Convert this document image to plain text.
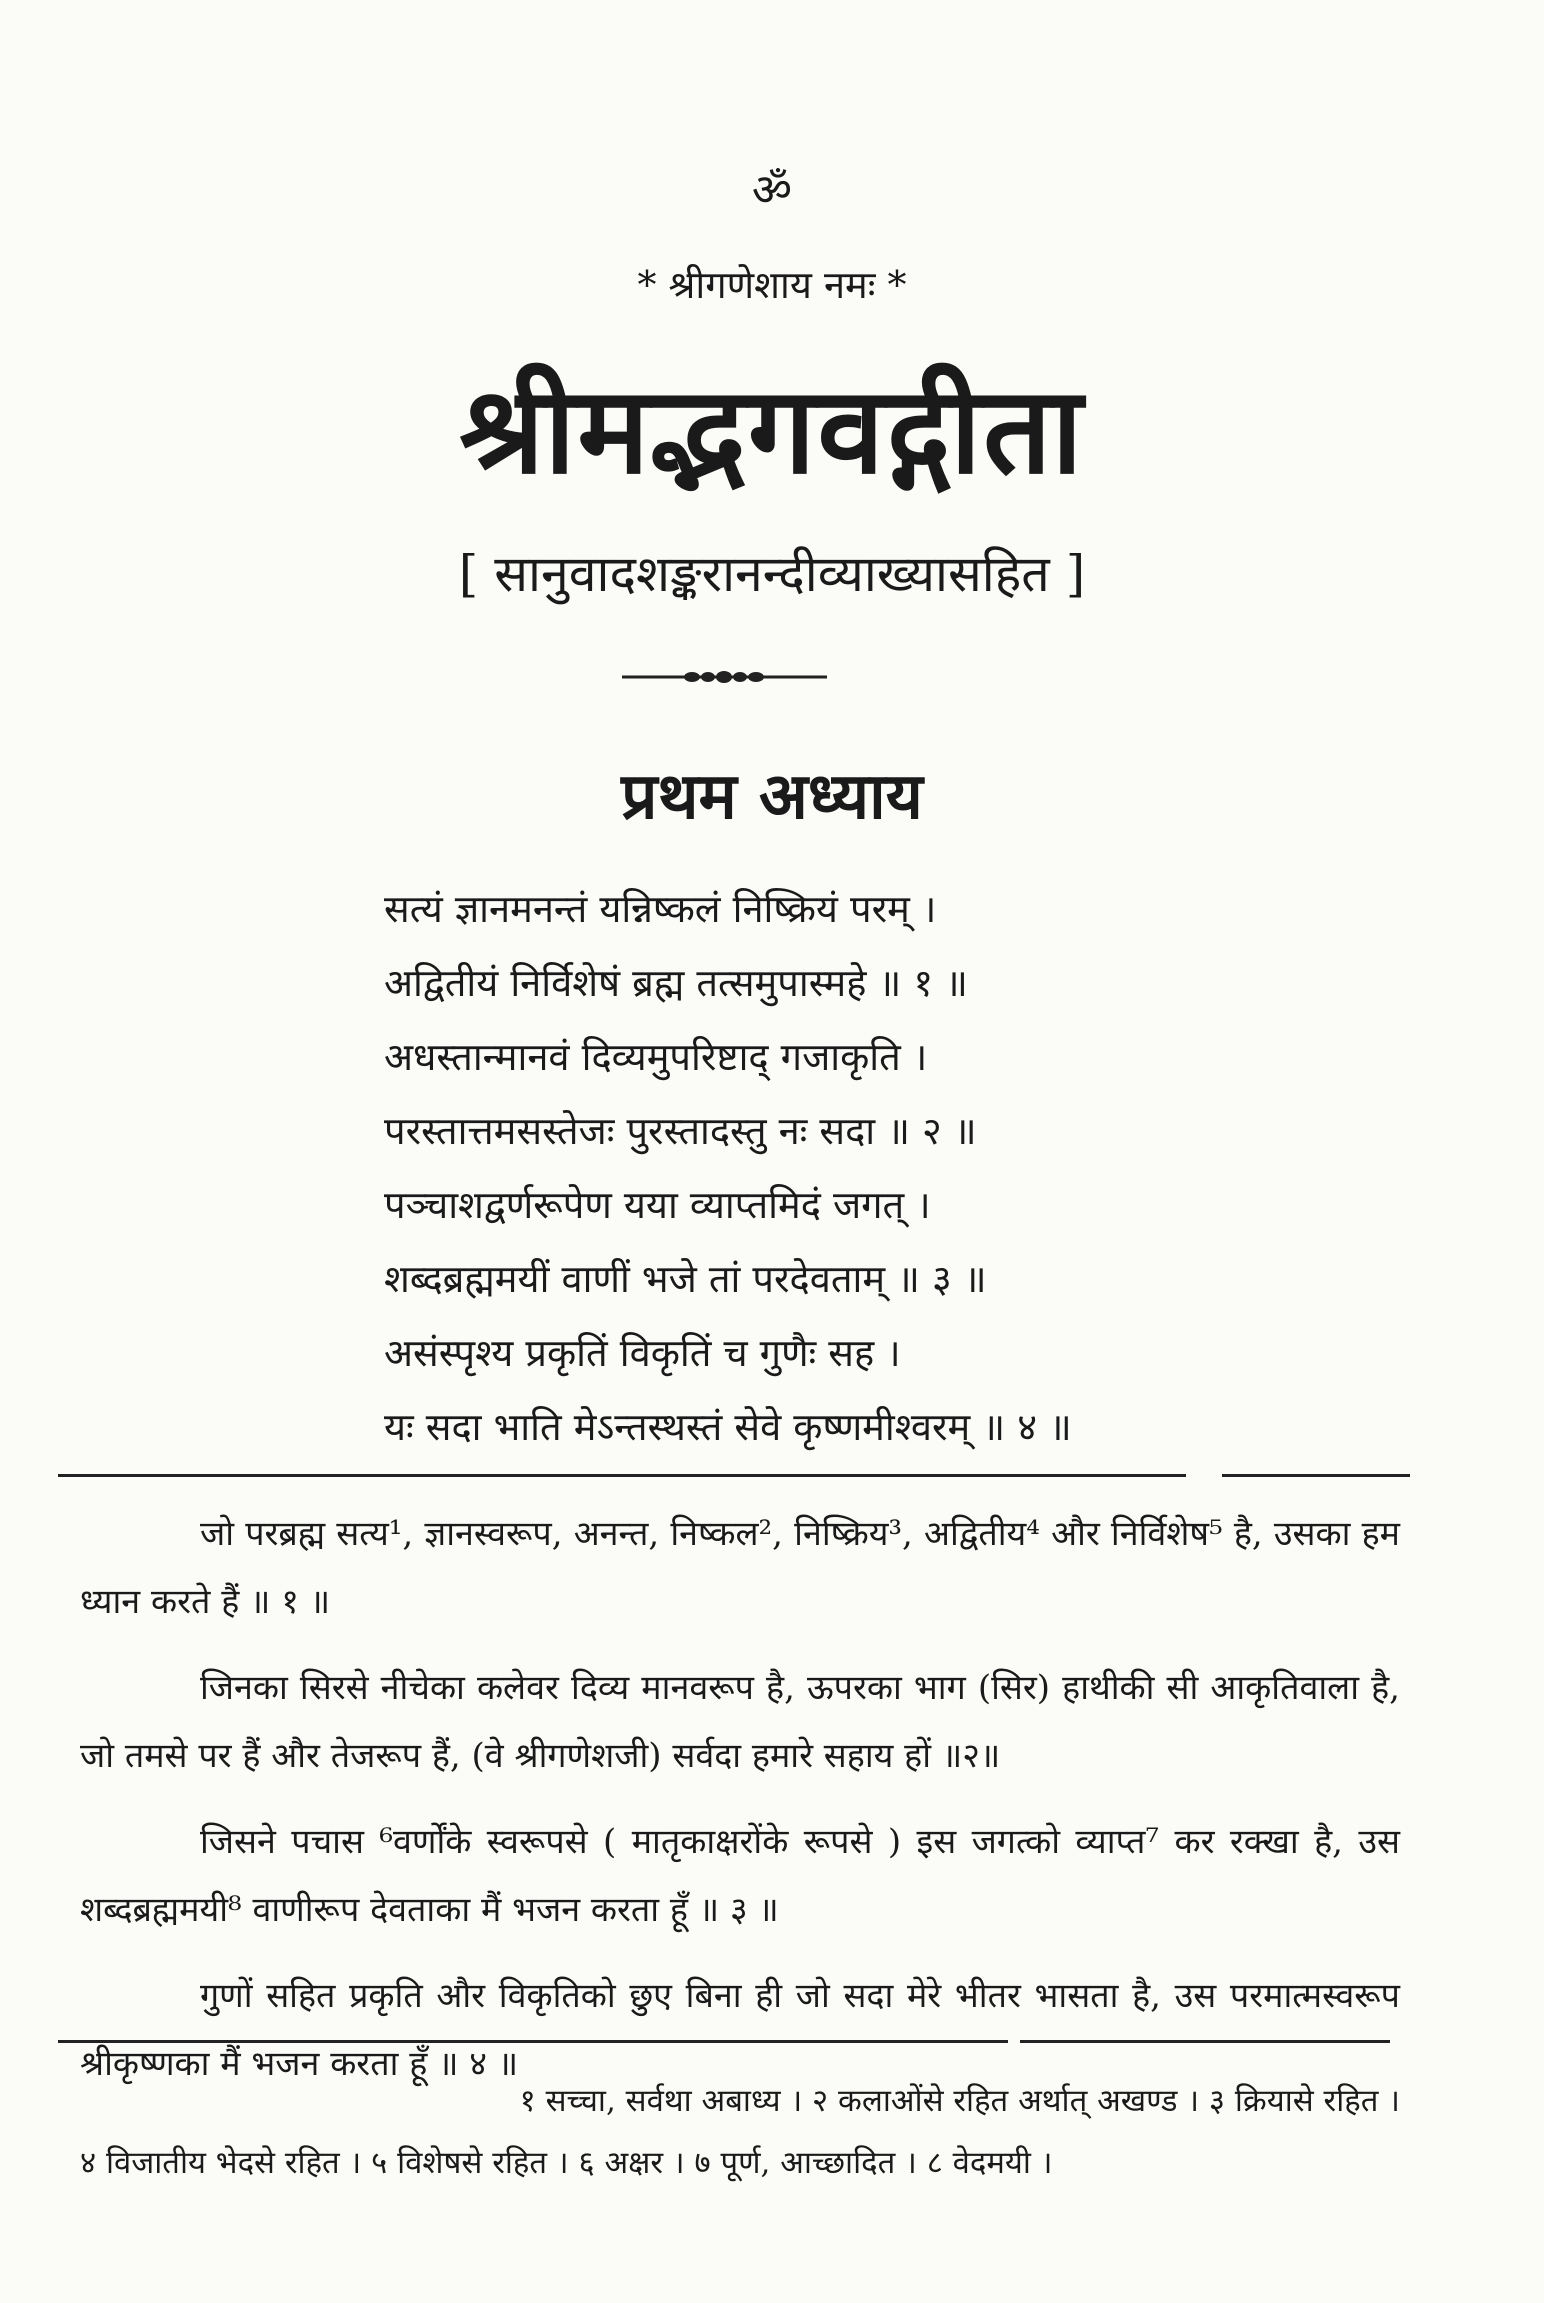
ॐ
* श्रीगणेशाय नमः *
श्रीमद्भगवद्गीता
[ सानुवादशङ्करानन्दीव्याख्यासहित ]
प्रथम अध्याय
सत्यं ज्ञानमनन्तं यन्निष्कलं निष्क्रियं परम् ।
अद्वितीयं निर्विशेषं ब्रह्म तत्समुपास्महे ॥ १ ॥
अधस्तान्मानवं दिव्यमुपरिष्टाद् गजाकृति ।
परस्तात्तमसस्तेजः पुरस्तादस्तु नः सदा ॥ २ ॥
पञ्चाशद्वर्णरूपेण यया व्याप्तमिदं जगत् ।
शब्दब्रह्ममयीं वाणीं भजे तां परदेवताम् ॥ ३ ॥
असंस्पृश्य प्रकृतिं विकृतिं च गुणैः सह ।
यः सदा भाति मेऽन्तस्थस्तं सेवे कृष्णमीश्वरम् ॥ ४ ॥

जो परब्रह्म सत्य¹, ज्ञानस्वरूप, अनन्त, निष्कल², निष्क्रिय³, अद्वितीय⁴ और निर्विशेष⁵ है, उसका हम ध्यान करते हैं ॥ १ ॥

जिनका सिरसे नीचेका कलेवर दिव्य मानवरूप है, ऊपरका भाग (सिर) हाथीकी सी आकृतिवाला है, जो तमसे पर हैं और तेजरूप हैं, (वे श्रीगणेशजी) सर्वदा हमारे सहाय हों ॥२॥

जिसने पचास ⁶वर्णोंके स्वरूपसे ( मातृकाक्षरोंके रूपसे ) इस जगत्को व्याप्त⁷ कर रक्खा है, उस शब्दब्रह्ममयी⁸ वाणीरूप देवताका मैं भजन करता हूँ ॥ ३ ॥

गुणों सहित प्रकृति और विकृतिको छुए बिना ही जो सदा मेरे भीतर भासता है, उस परमात्मस्वरूप श्रीकृष्णका मैं भजन करता हूँ ॥ ४ ॥

१ सच्चा, सर्वथा अबाध्य । २ कलाओंसे रहित अर्थात् अखण्ड । ३ क्रियासे रहित ।

४ विजातीय भेदसे रहित । ५ विशेषसे रहित । ६ अक्षर । ७ पूर्ण, आच्छादित । ८ वेदमयी ।
